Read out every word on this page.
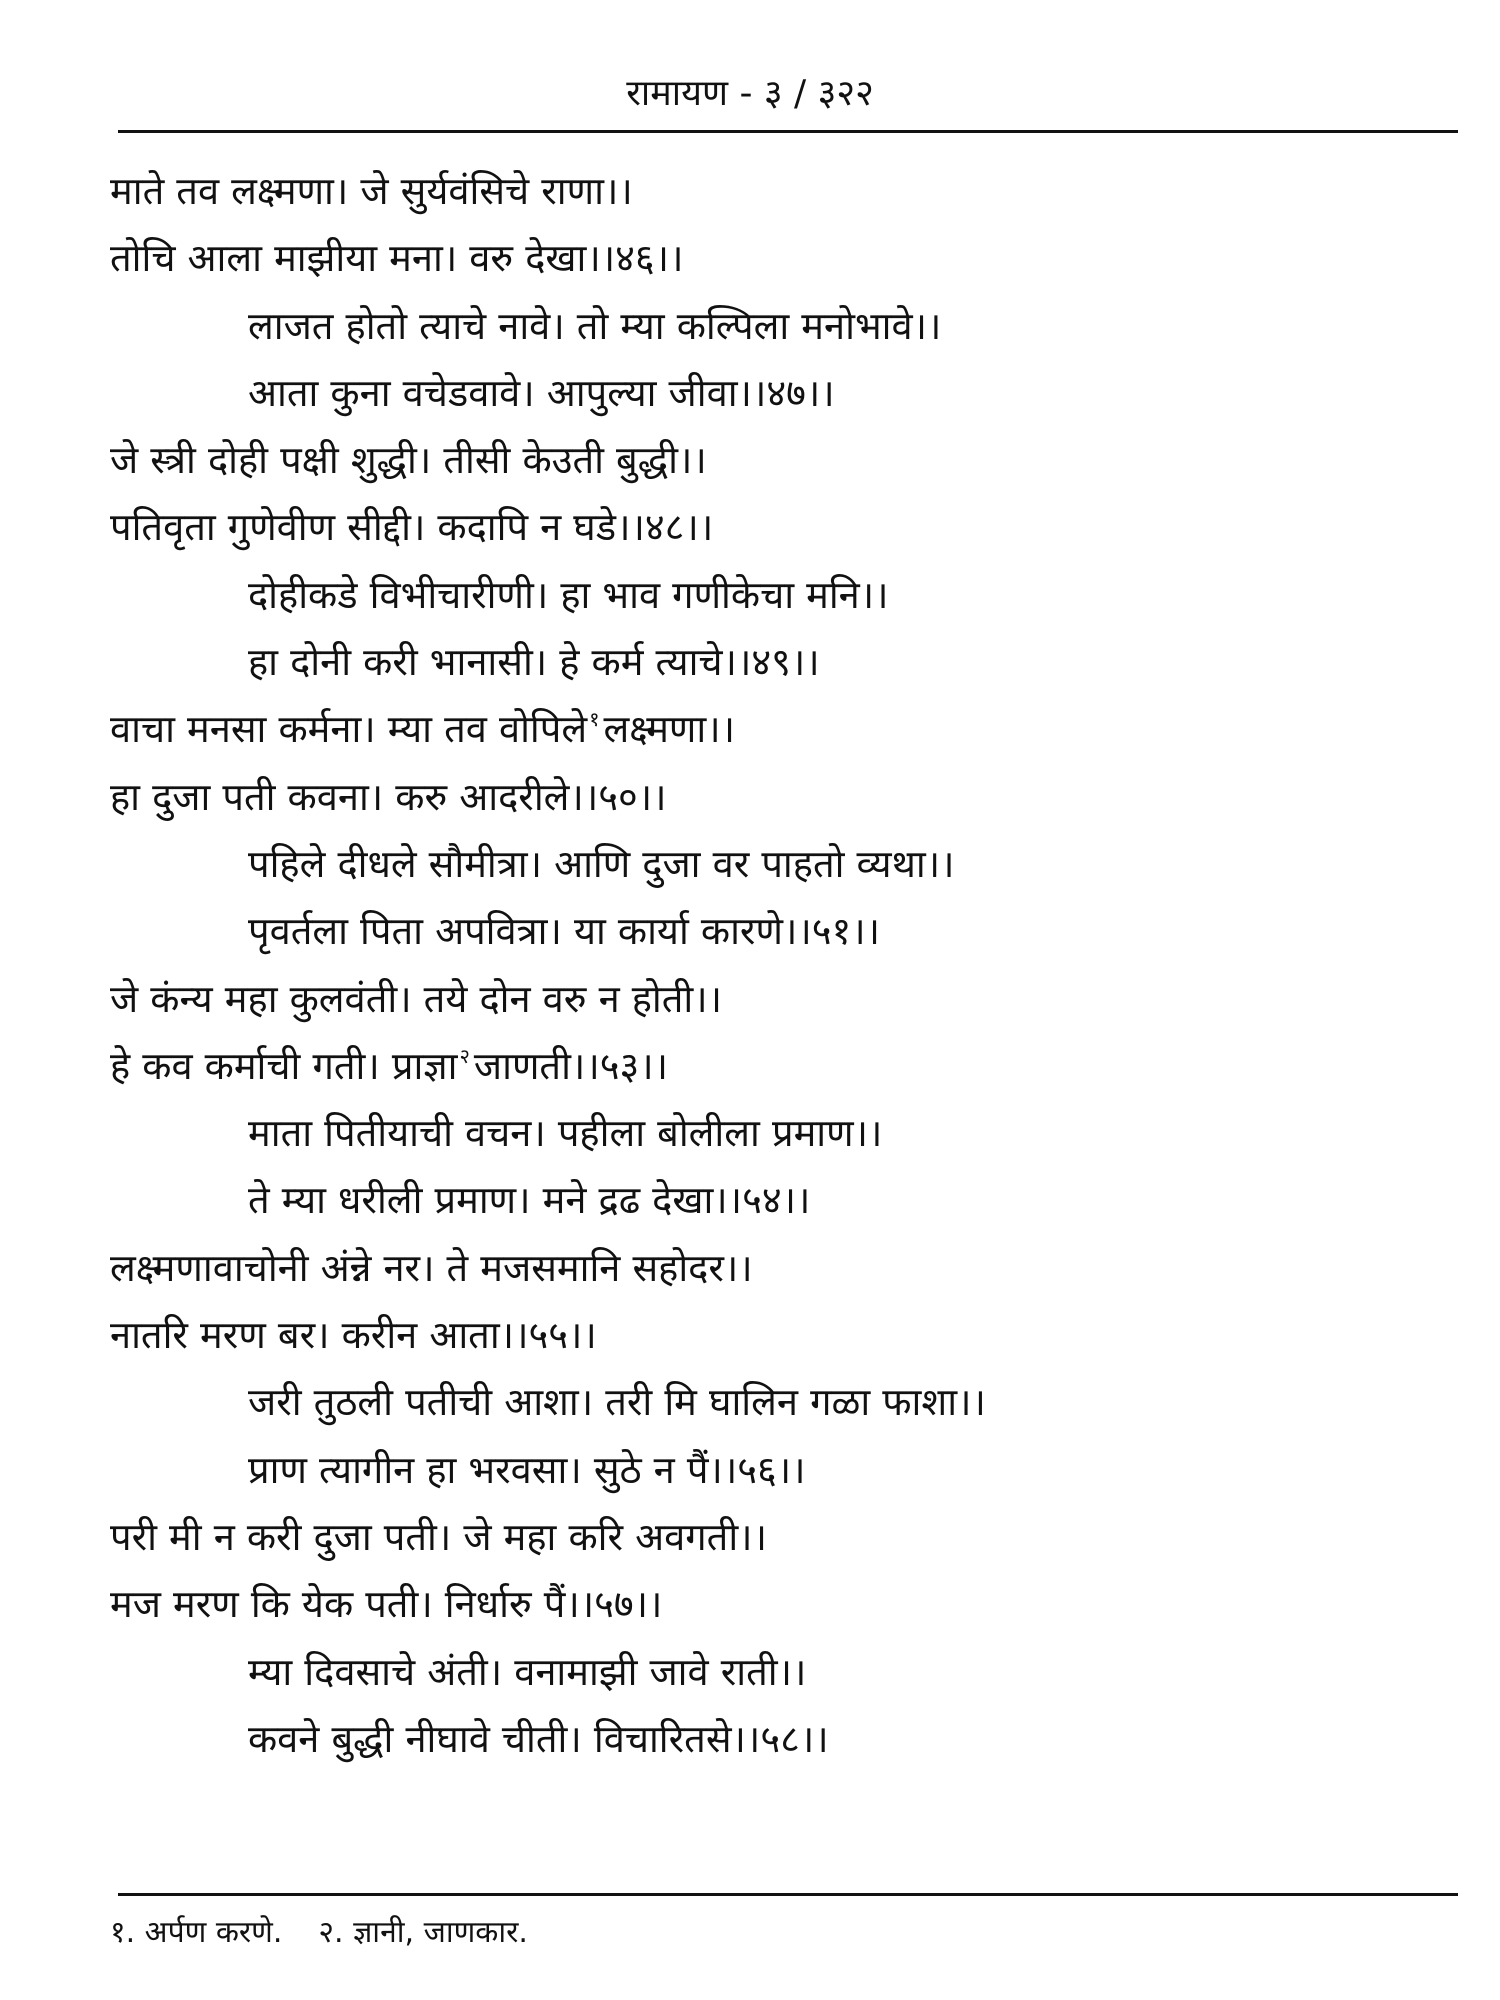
रामायण - ३ / ३२२
माते तव लक्ष्मणा। जे सुर्यवंसिचे राणा।।
तोचि आला माझीया मना। वरु देखा।।४६।।
लाजत होतो त्याचे नावे। तो म्या कल्पिला मनोभावे।।
आता कुना वचेडवावे। आपुल्या जीवा।।४७।।
जे स्त्री दोही पक्षी शुद्धी। तीसी केउती बुद्धी।।
पतिवृता गुणेवीण सीद्दी। कदापि न घडे।।४८।।
दोहीकडे विभीचारीणी। हा भाव गणीकेचा मनि।।
हा दोनी करी भानासी। हे कर्म त्याचे।।४९।।
वाचा मनसा कर्मना। म्या तव वोपिले $^१$ लक्ष्मणा।।
हा दुजा पती कवना। करु आदरीले।।५०।।
पहिले दीधले सौमीत्रा। आणि दुजा वर पाहतो व्यथा।।
पृवर्तला पिता अपवित्रा। या कार्या कारणे।।५१।।
जे कंन्य महा कुलवंती। तये दोन वरु न होती।।
हे कव कर्माची गती। प्राज्ञा $^२$ जाणती।।५३।।
माता पितीयाची वचन। पहीला बोलीला प्रमाण।।
ते म्या धरीली प्रमाण। मने द्रढ देखा।।५४।।
लक्ष्मणावाचोनी अंन्ने नर। ते मजसमानि सहोदर।।
नातरि मरण बर। करीन आता।।५५।।
जरी तुठली पतीची आशा। तरी मि घालिन गळा फाशा।।
प्राण त्यागीन हा भरवसा। सुठे न पैं।।५६।।
परी मी न करी दुजा पती। जे महा करि अवगती।।
मज मरण कि येक पती। निर्धारु पैं।।५७।।
म्या दिवसाचे अंती। वनामाझी जावे राती।।
कवने बुद्धी नीघावे चीती। विचारितसे।।५८।।
१. अर्पण करणे. २. ज्ञानी, जाणकार.
